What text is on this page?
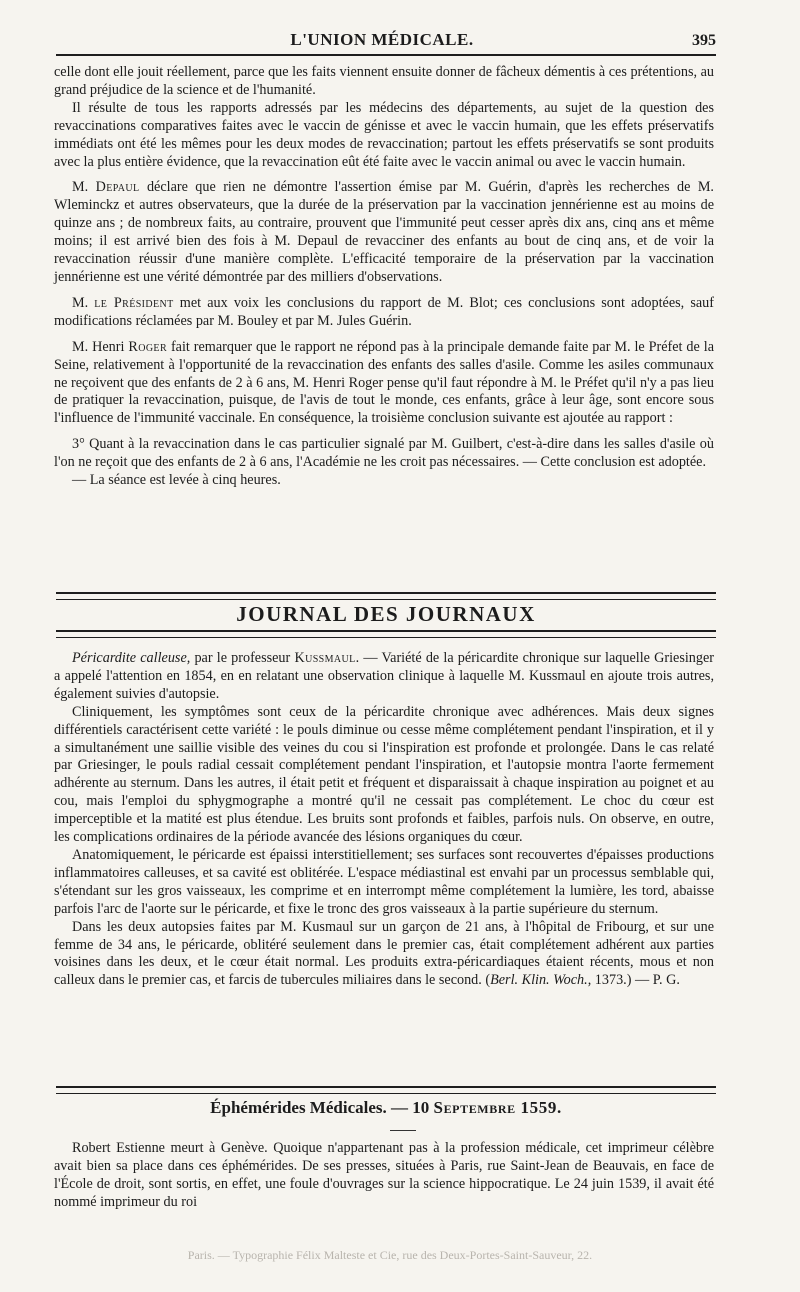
L'UNION MÉDICALE.	395

celle dont elle jouit réellement, parce que les faits viennent ensuite donner de fâcheux démentis à ces prétentions, au grand préjudice de la science et de l'humanité.

Il résulte de tous les rapports adressés par les médecins des départements, au sujet de la question des revaccinations comparatives faites avec le vaccin de génisse et avec le vaccin humain, que les effets préservatifs immédiats ont été les mêmes pour les deux modes de revaccination; partout les effets préservatifs se sont produits avec la plus entière évidence, que la revaccination eût été faite avec le vaccin animal ou avec le vaccin humain.

M. Depaul déclare que rien ne démontre l'assertion émise par M. Guérin, d'après les recherches de M. Wleminckz et autres observateurs, que la durée de la préservation par la vaccination jennérienne est au moins de quinze ans ; de nombreux faits, au contraire, prouvent que l'immunité peut cesser après dix ans, cinq ans et même moins; il est arrivé bien des fois à M. Depaul de revacciner des enfants au bout de cinq ans, et de voir la revaccination réussir d'une manière complète. L'efficacité temporaire de la préservation par la vaccination jennérienne est une vérité démontrée par des milliers d'observations.

M. le Président met aux voix les conclusions du rapport de M. Blot; ces conclusions sont adoptées, sauf modifications réclamées par M. Bouley et par M. Jules Guérin.

M. Henri Roger fait remarquer que le rapport ne répond pas à la principale demande faite par M. le Préfet de la Seine, relativement à l'opportunité de la revaccination des enfants des salles d'asile. Comme les asiles communaux ne reçoivent que des enfants de 2 à 6 ans, M. Henri Roger pense qu'il faut répondre à M. le Préfet qu'il n'y a pas lieu de pratiquer la revaccination, puisque, de l'avis de tout le monde, ces enfants, grâce à leur âge, sont encore sous l'influence de l'immunité vaccinale. En conséquence, la troisième conclusion suivante est ajoutée au rapport :

3° Quant à la revaccination dans le cas particulier signalé par M. Guilbert, c'est-à-dire dans les salles d'asile où l'on ne reçoit que des enfants de 2 à 6 ans, l'Académie ne les croit pas nécessaires. — Cette conclusion est adoptée.

— La séance est levée à cinq heures.

JOURNAL DES JOURNAUX

Péricardite calleuse, par le professeur Kussmaul. — Variété de la péricardite chronique sur laquelle Griesinger a appelé l'attention en 1854, en en relatant une observation clinique à laquelle M. Kussmaul en ajoute trois autres, également suivies d'autopsie.

Cliniquement, les symptômes sont ceux de la péricardite chronique avec adhérences. Mais deux signes différentiels caractérisent cette variété : le pouls diminue ou cesse même complétement pendant l'inspiration, et il y a simultanément une saillie visible des veines du cou si l'inspiration est profonde et prolongée. Dans le cas relaté par Griesinger, le pouls radial cessait complétement pendant l'inspiration, et l'autopsie montra l'aorte fermement adhérente au sternum. Dans les autres, il était petit et fréquent et disparaissait à chaque inspiration au poignet et au cou, mais l'emploi du sphygmographe a montré qu'il ne cessait pas complétement. Le choc du cœur est imperceptible et la matité est plus étendue. Les bruits sont profonds et faibles, parfois nuls. On observe, en outre, les complications ordinaires de la période avancée des lésions organiques du cœur.

Anatomiquement, le péricarde est épaissi interstitiellement; ses surfaces sont recouvertes d'épaisses productions inflammatoires calleuses, et sa cavité est oblitérée. L'espace médiastinal est envahi par un processus semblable qui, s'étendant sur les gros vaisseaux, les comprime et en interrompt même complétement la lumière, les tord, abaisse parfois l'arc de l'aorte sur le péricarde, et fixe le tronc des gros vaisseaux à la partie supérieure du sternum.

Dans les deux autopsies faites par M. Kusmaul sur un garçon de 21 ans, à l'hôpital de Fribourg, et sur une femme de 34 ans, le péricarde, oblitéré seulement dans le premier cas, était complétement adhérent aux parties voisines dans les deux, et le cœur était normal. Les produits extra-péricardiaques étaient récents, mous et non calleux dans le premier cas, et farcis de tubercules miliaires dans le second. (Berl. Klin. Woch., 1373.) — P. G.

Éphémérides Médicales. — 10 Septembre 1559.

Robert Estienne meurt à Genève. Quoique n'appartenant pas à la profession médicale, cet imprimeur célèbre avait bien sa place dans ces éphémérides. De ses presses, situées à Paris, rue Saint-Jean de Beauvais, en face de l'École de droit, sont sortis, en effet, une foule d'ouvrages sur la science hippocratique. Le 24 juin 1539, il avait été nommé imprimeur du roi

Paris. — Typographie Félix Malteste et Cie, rue des Deux-Portes-Saint-Sauveur, 22.
